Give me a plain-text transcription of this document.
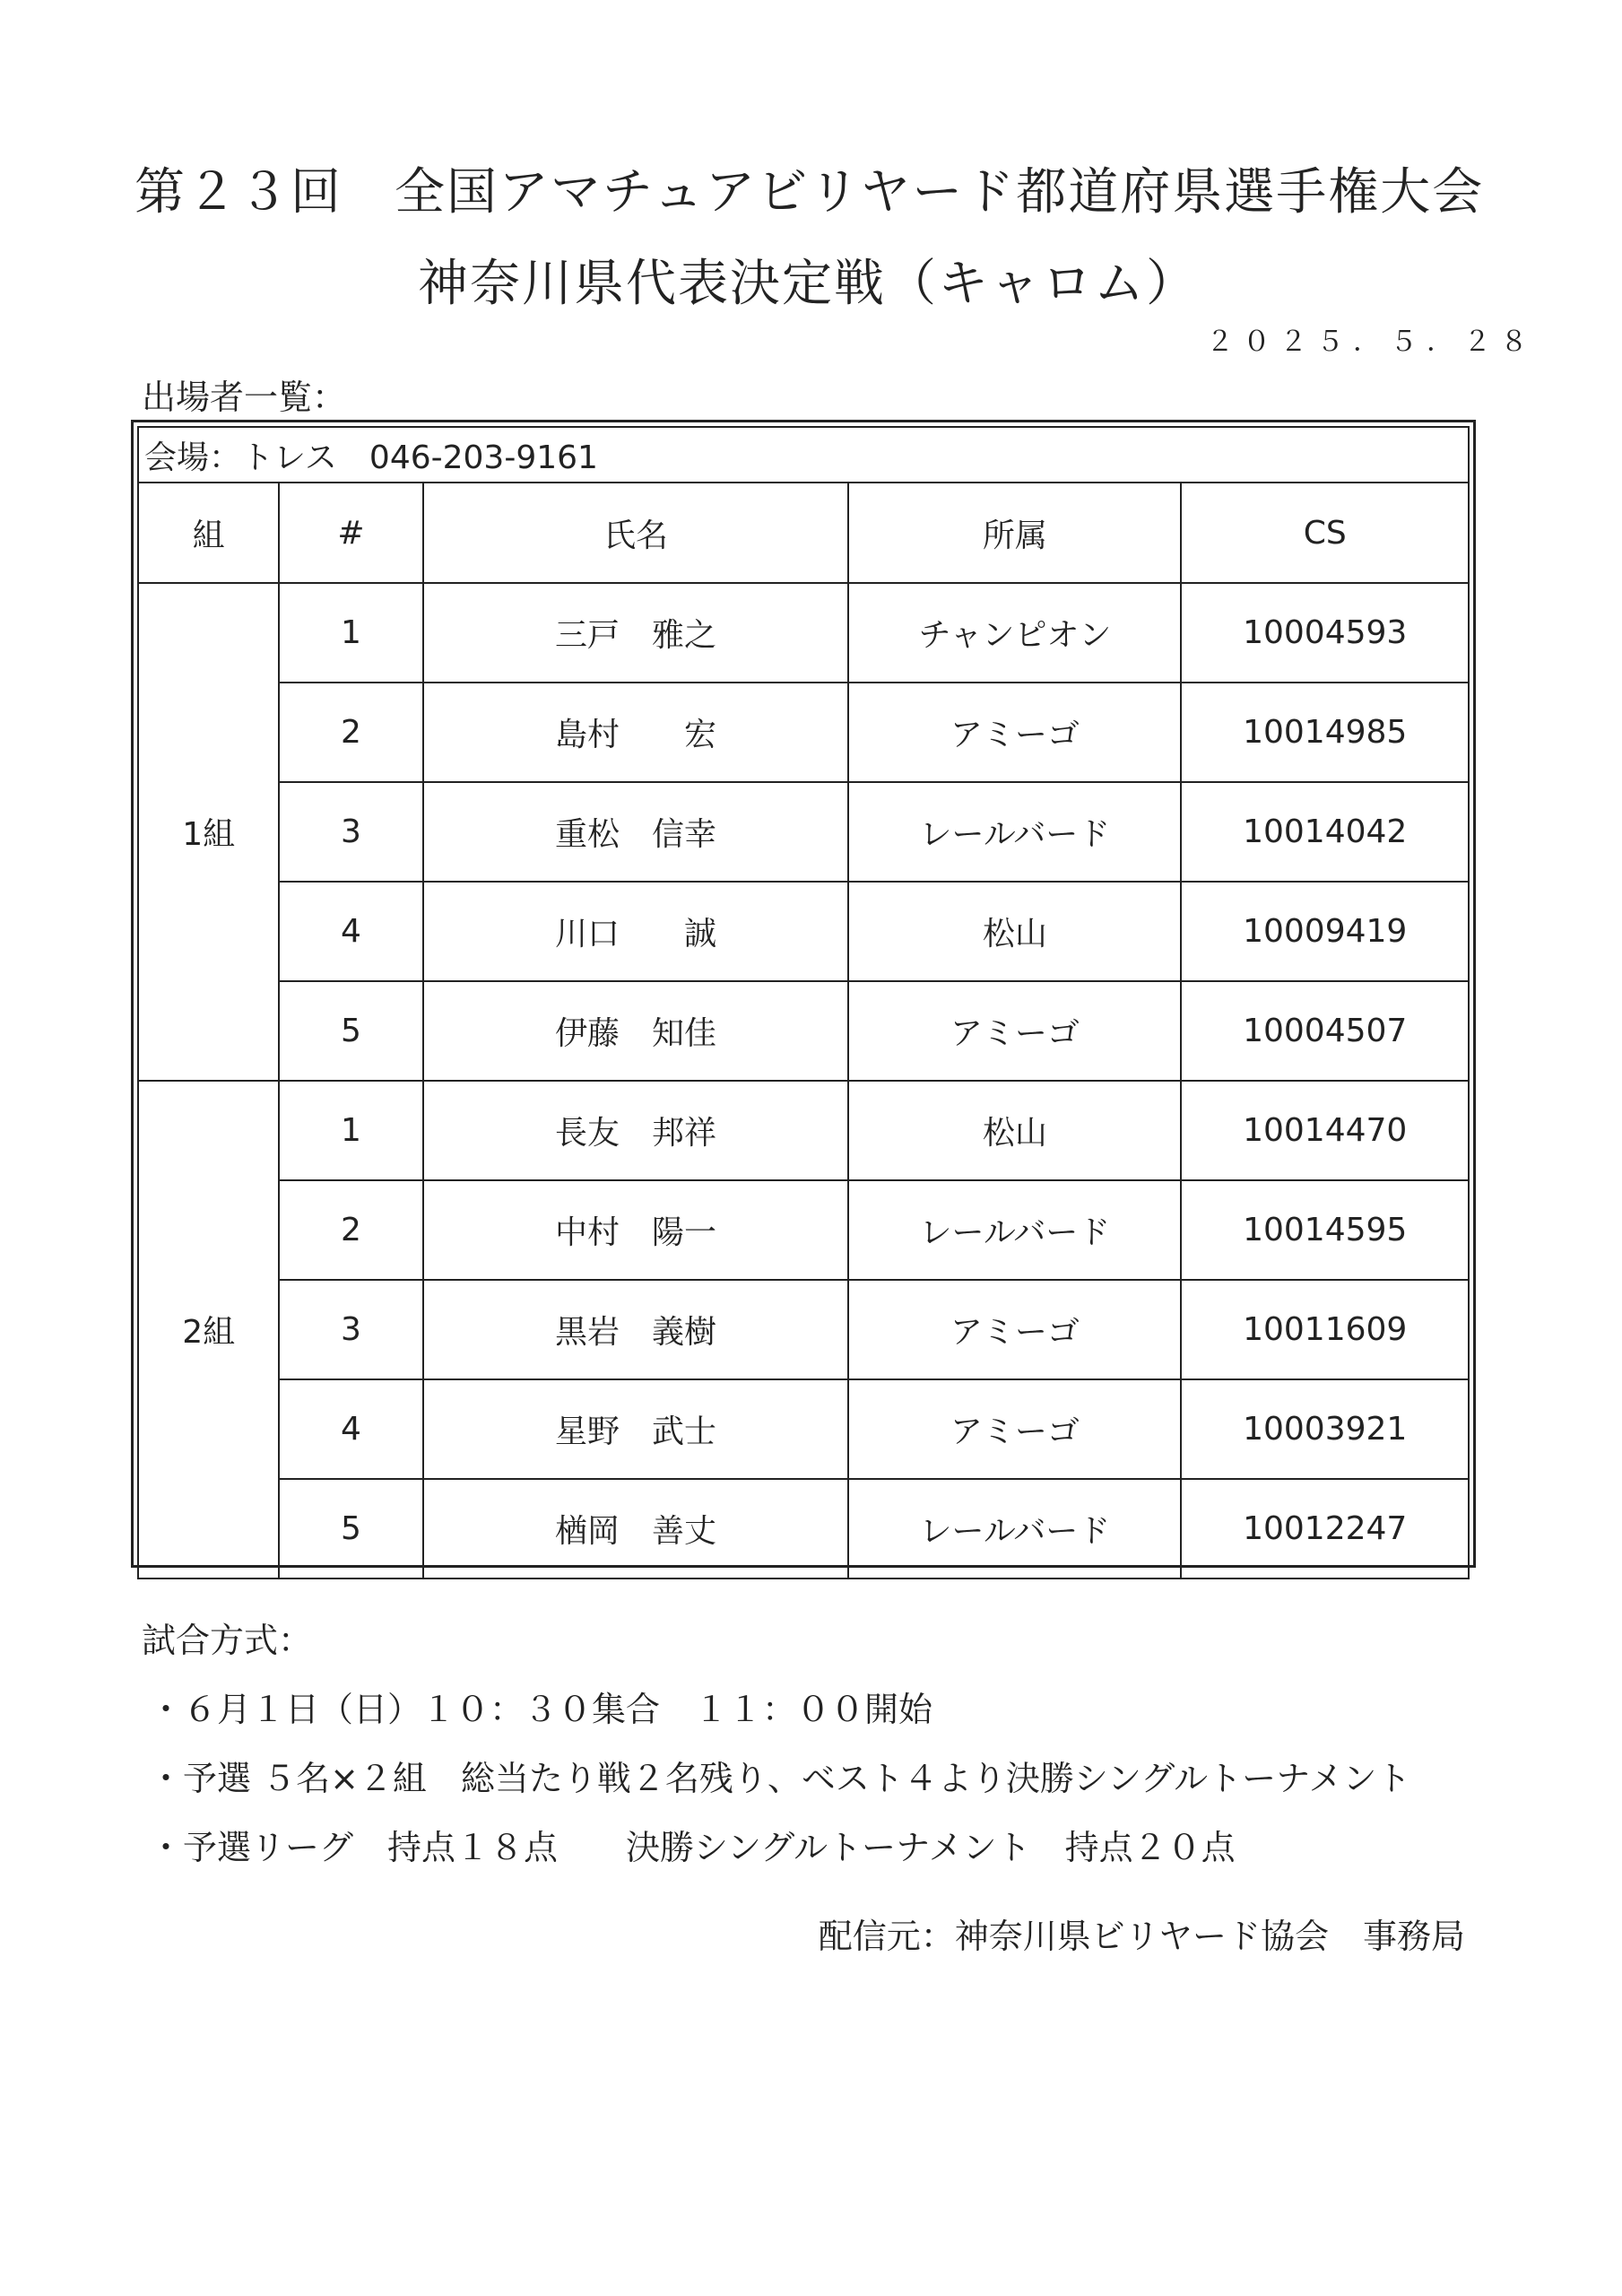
第２３回　全国アマチュアビリヤード都道府県選手権大会
神奈川県代表決定戦（キャロム）
２０２５．５．２８
出場者一覧：
会場：トレス　046-203-9161				
組	#	氏名	所属	CS
1組	1	三戸　雅之	チャンピオン	10004593
	2	島村　　宏	アミーゴ	10014985
	3	重松　信幸	レールバード	10014042
	4	川口　　誠	松山	10009419
	5	伊藤　知佳	アミーゴ	10004507
2組	1	長友　邦祥	松山	10014470
	2	中村　陽一	レールバード	10014595
	3	黒岩　義樹	アミーゴ	10011609
	4	星野　武士	アミーゴ	10003921
	5	楢岡　善丈	レールバード	10012247
試合方式：
・６月１日（日）１０：３０集合　１１：００開始
・予選 ５名×２組　総当たり戦２名残り、ベスト４より決勝シングルトーナメント
・予選リーグ　持点１８点　　決勝シングルトーナメント　持点２０点
配信元：神奈川県ビリヤード協会　事務局
